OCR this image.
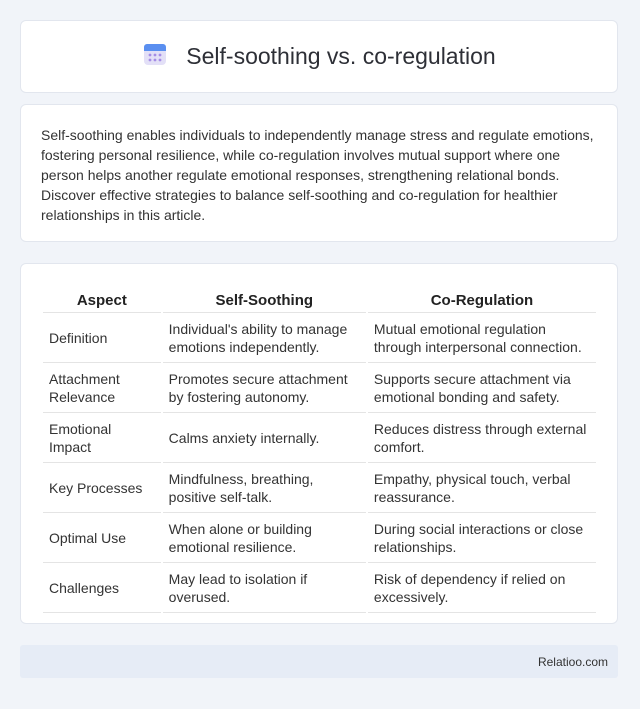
Self-soothing vs. co-regulation

Self-soothing enables individuals to independently manage stress and regulate emotions, fostering personal resilience, while co-regulation involves mutual support where one person helps another regulate emotional responses, strengthening relational bonds. Discover effective strategies to balance self-soothing and co-regulation for healthier relationships in this article.

Aspect	Self-Soothing	Co-Regulation
Definition	Individual's ability to manage emotions independently.	Mutual emotional regulation through interpersonal connection.
Attachment Relevance	Promotes secure attachment by fostering autonomy.	Supports secure attachment via emotional bonding and safety.
Emotional Impact	Calms anxiety internally.	Reduces distress through external comfort.
Key Processes	Mindfulness, breathing, positive self-talk.	Empathy, physical touch, verbal reassurance.
Optimal Use	When alone or building emotional resilience.	During social interactions or close relationships.
Challenges	May lead to isolation if overused.	Risk of dependency if relied on excessively.
Relatioo.com
